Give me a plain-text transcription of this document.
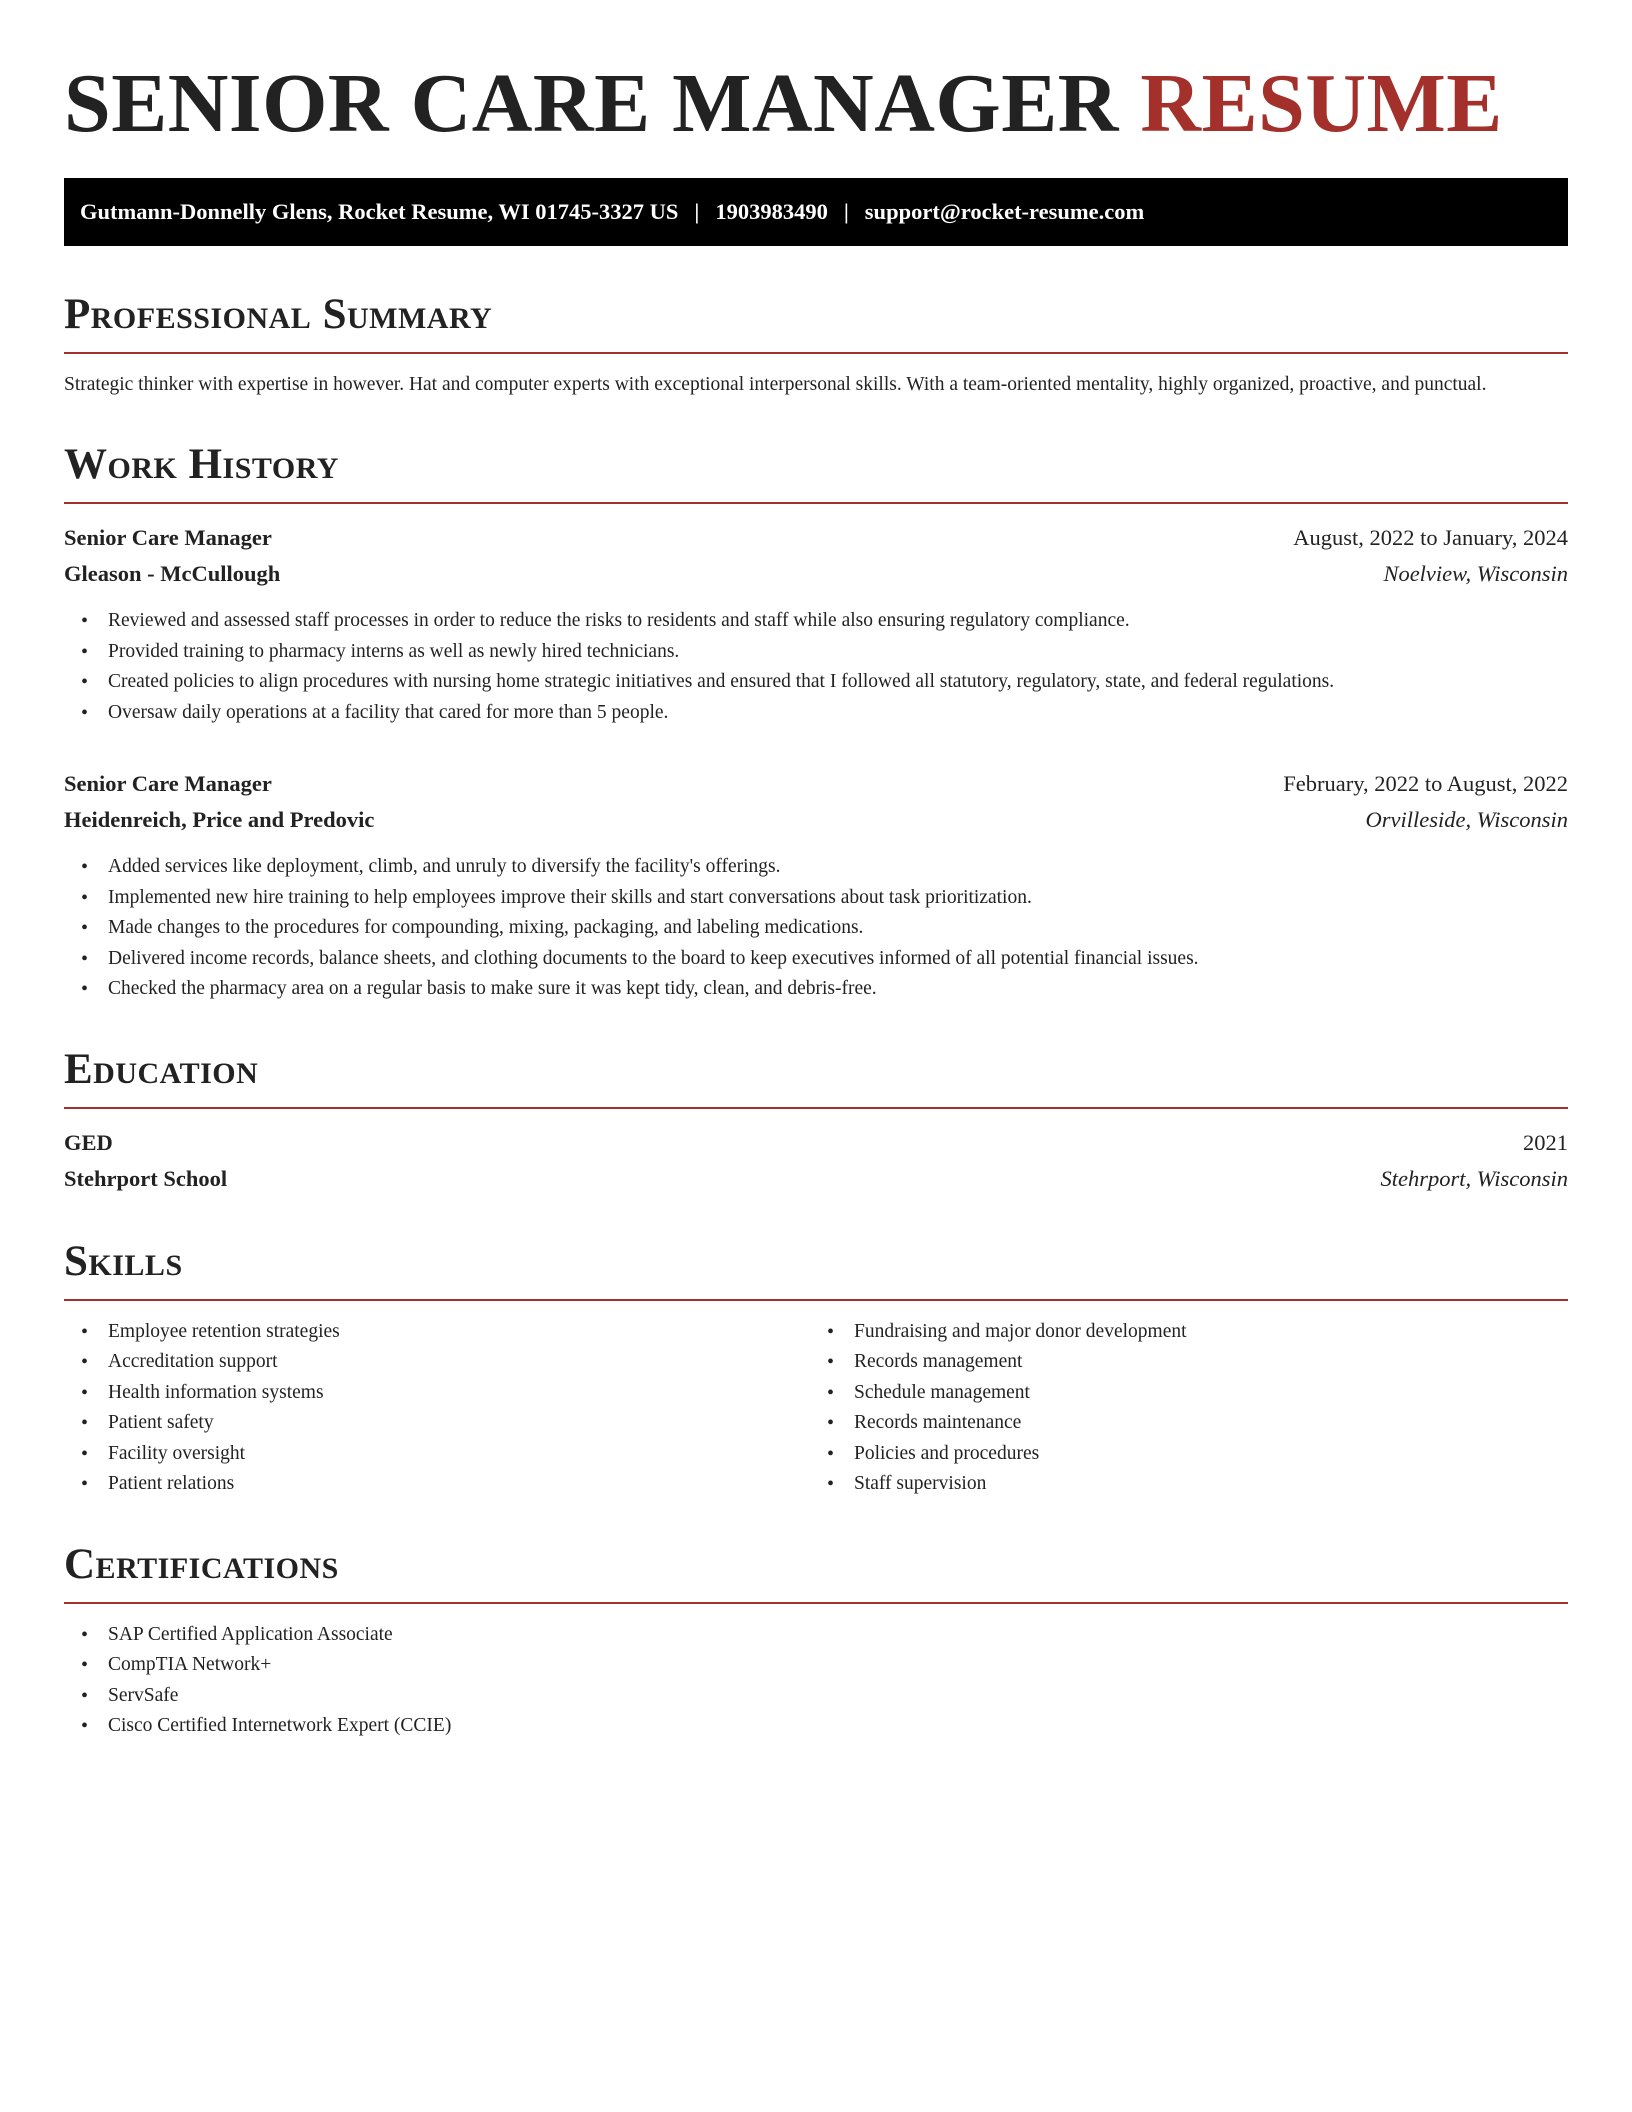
SENIOR CARE MANAGER RESUME
Gutmann-Donnelly Glens, Rocket Resume, WI 01745-3327 US | 1903983490 | support@rocket-resume.com
Professional Summary

Strategic thinker with expertise in however. Hat and computer experts with exceptional interpersonal skills. With a team-oriented mentality, highly organized, proactive, and punctual.

Work History
Senior Care Manager	August, 2022 to January, 2024
Gleason - McCullough	Noelview, Wisconsin
• Reviewed and assessed staff processes in order to reduce the risks to residents and staff while also ensuring regulatory compliance.
• Provided training to pharmacy interns as well as newly hired technicians.
• Created policies to align procedures with nursing home strategic initiatives and ensured that I followed all statutory, regulatory, state, and federal regulations.
• Oversaw daily operations at a facility that cared for more than 5 people.
Senior Care Manager	February, 2022 to August, 2022
Heidenreich, Price and Predovic	Orvilleside, Wisconsin
• Added services like deployment, climb, and unruly to diversify the facility's offerings.
• Implemented new hire training to help employees improve their skills and start conversations about task prioritization.
• Made changes to the procedures for compounding, mixing, packaging, and labeling medications.
• Delivered income records, balance sheets, and clothing documents to the board to keep executives informed of all potential financial issues.
• Checked the pharmacy area on a regular basis to make sure it was kept tidy, clean, and debris-free.
Education
GED	2021
Stehrport School	Stehrport, Wisconsin
Skills
• Employee retention strategies
• Accreditation support
• Health information systems
• Patient safety
• Facility oversight
• Patient relations
• Fundraising and major donor development
• Records management
• Schedule management
• Records maintenance
• Policies and procedures
• Staff supervision
Certifications
• SAP Certified Application Associate
• CompTIA Network+
• ServSafe
• Cisco Certified Internetwork Expert (CCIE)
